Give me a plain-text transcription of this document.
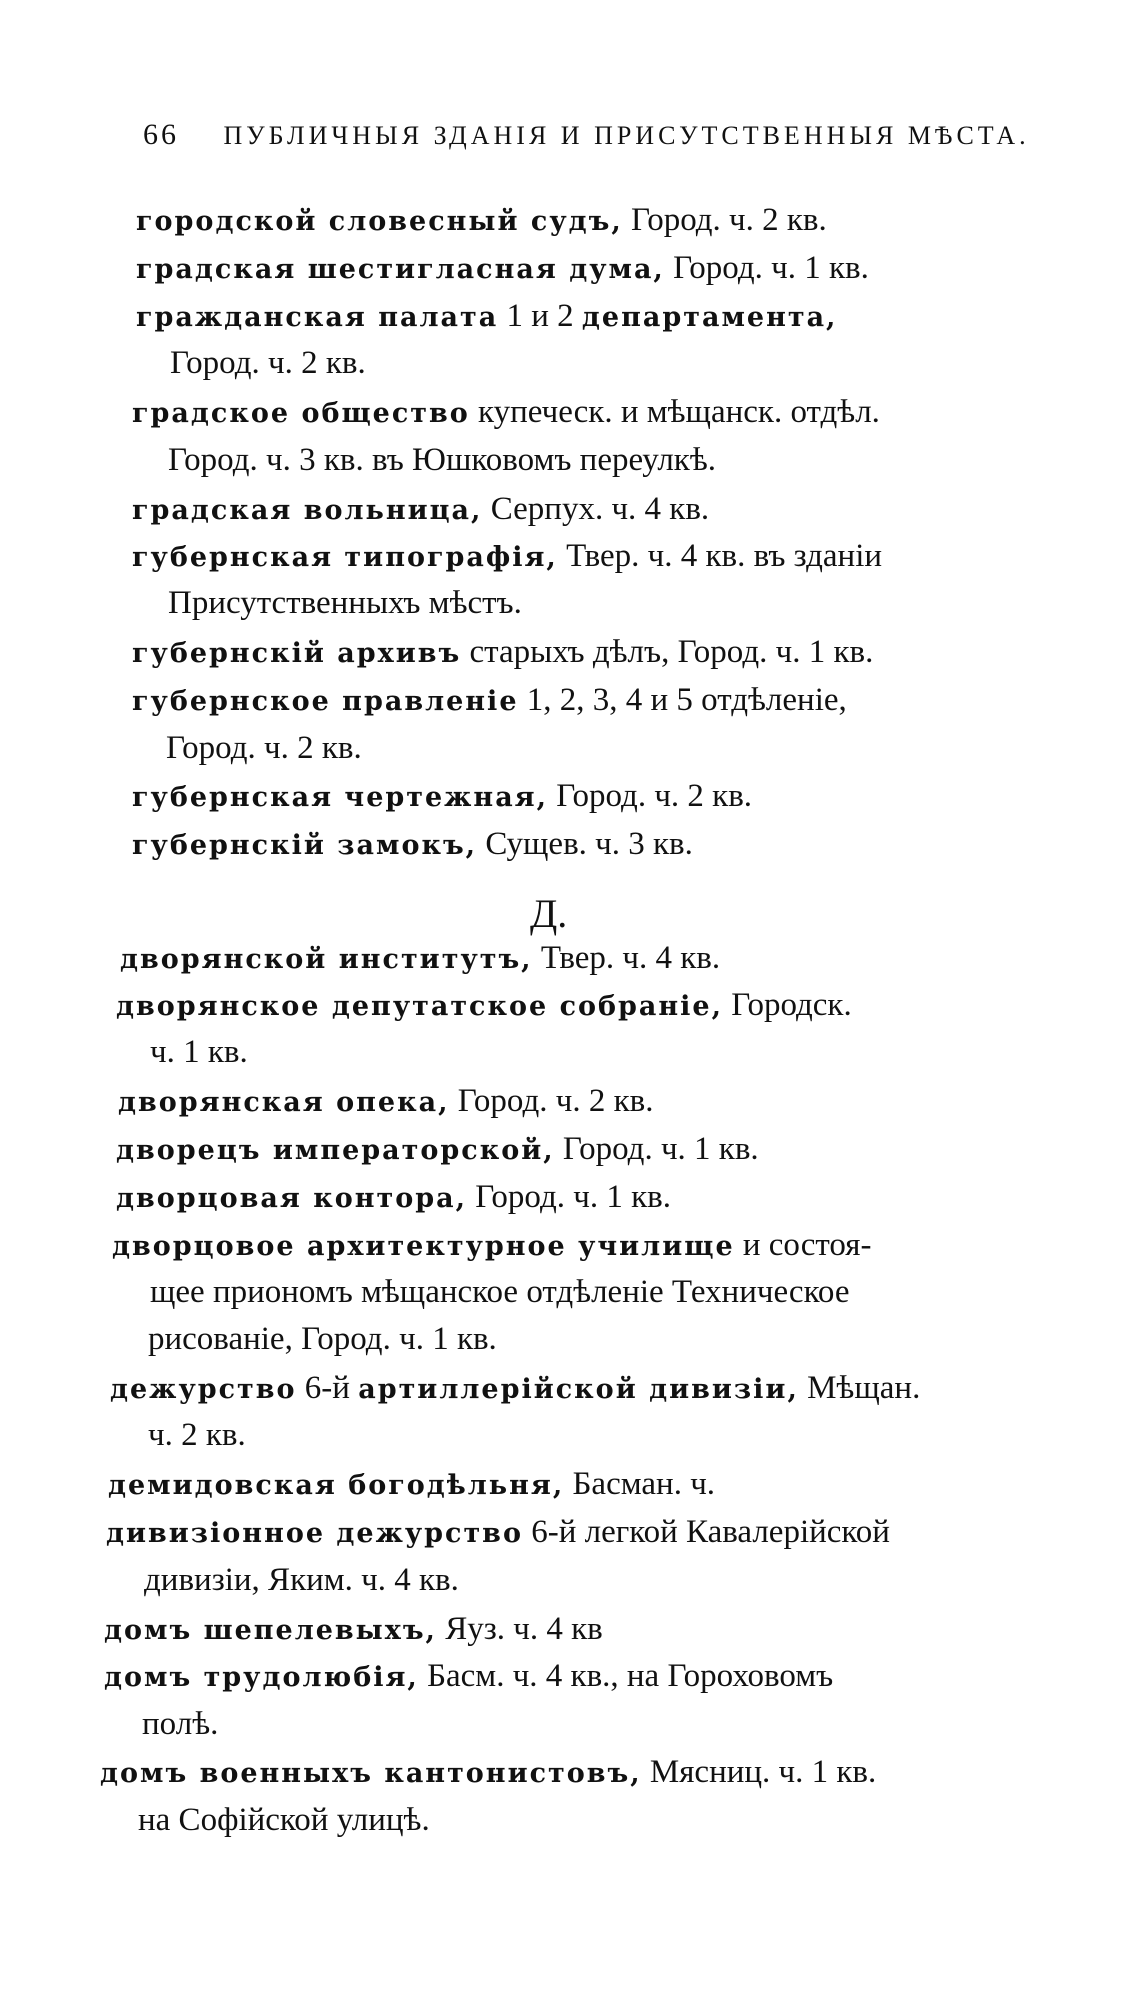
66 ПУБЛИЧНЫЯ ЗДАНІЯ И ПРИСУТСТВЕННЫЯ МѢСТА.
Д.
городской словесный судъ, Город. ч. 2 кв.
градская шестигласная дума, Город. ч. 1 кв.
гражданская палата 1 и 2 департамента,
Город. ч. 2 кв.
градское общество купеческ. и мѣщанск. отдѣл.
Город. ч. 3 кв. въ Юшковомъ переулкѣ.
градская вольница, Серпух. ч. 4 кв.
губернская типографія, Твер. ч. 4 кв. въ зданіи
Присутственныхъ мѣстъ.
губернскій архивъ старыхъ дѣлъ, Город. ч. 1 кв.
губернское правленіе 1, 2, 3, 4 и 5 отдѣленіе,
Город. ч. 2 кв.
губернская чертежная, Город. ч. 2 кв.
губернскій замокъ, Сущев. ч. 3 кв.
дворянской институтъ, Твер. ч. 4 кв.
дворянское депутатское собраніе, Городск.
ч. 1 кв.
дворянская опека, Город. ч. 2 кв.
дворецъ императорской, Город. ч. 1 кв.
дворцовая контора, Город. ч. 1 кв.
дворцовое архитектурное училище и состоя-
щее приономъ мѣщанское отдѣленіе Техническое
рисованіе, Город. ч. 1 кв.
дежурство 6-й артиллерійской дивизіи, Мѣщан.
ч. 2 кв.
демидовская богодѣльня, Басман. ч.
дивизіонное дежурство 6-й легкой Кавалерійской
дивизіи, Яким. ч. 4 кв.
домъ шепелевыхъ, Яуз. ч. 4 кв
домъ трудолюбія, Басм. ч. 4 кв., на Гороховомъ
полѣ.
домъ военныхъ кантонистовъ, Мясниц. ч. 1 кв.
на Софійской улицѣ.
